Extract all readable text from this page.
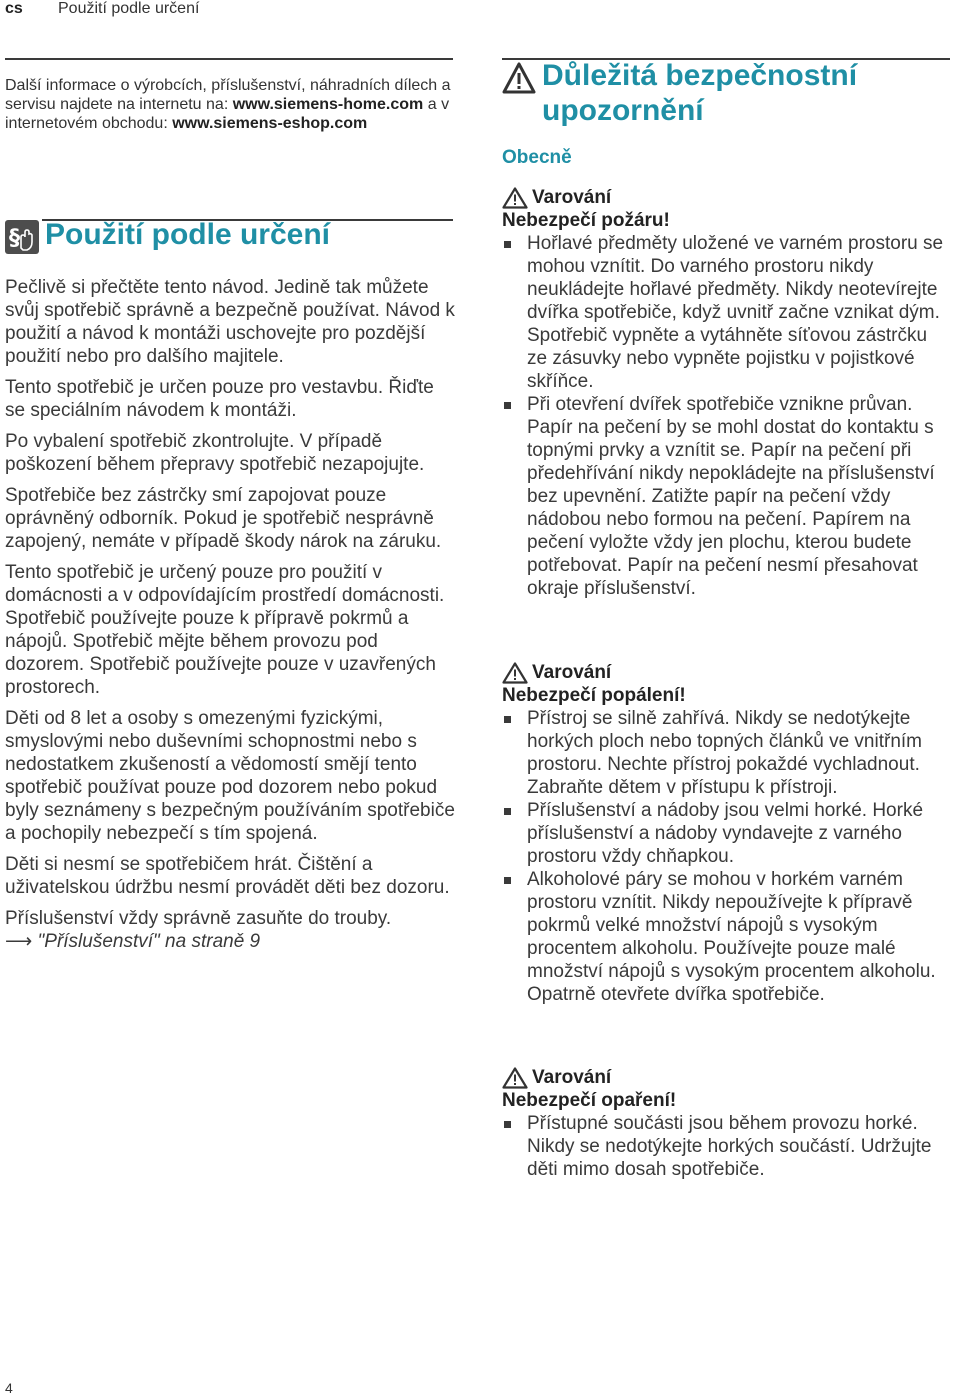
cs Použití podle určení
Další informace o výrobcích, příslušenství, náhradních dílech a servisu najdete na internetu na: www.siemens-home.com a v internetovém obchodu: www.siemens-eshop.com
§ Použití podle určení

Pečlivě si přečtěte tento návod. Jedině tak můžete svůj spotřebič správně a bezpečně používat. Návod k použití a návod k montáži uschovejte pro pozdější použití nebo pro dalšího majitele.

Tento spotřebič je určen pouze pro vestavbu. Řiďte se speciálním návodem k montáži.

Po vybalení spotřebič zkontrolujte. V případě poškození během přepravy spotřebič nezapojujte.

Spotřebiče bez zástrčky smí zapojovat pouze oprávněný odborník. Pokud je spotřebič nesprávně zapojený, nemáte v případě škody nárok na záruku.

Tento spotřebič je určený pouze pro použití v domácnosti a v odpovídajícím prostředí domácnosti. Spotřebič používejte pouze k přípravě pokrmů a nápojů. Spotřebič mějte během provozu pod dozorem. Spotřebič používejte pouze v uzavřených prostorech.

Děti od 8 let a osoby s omezenými fyzickými, smyslovými nebo duševními schopnostmi nebo s nedostatkem zkušeností a vědomostí smějí tento spotřebič používat pouze pod dozorem nebo pokud byly seznámeny s bezpečným používáním spotřebiče a pochopily nebezpečí s tím spojená.

Děti si nesmí se spotřebičem hrát. Čištění a uživatelskou údržbu nesmí provádět děti bez dozoru.

Příslušenství vždy správně zasuňte do trouby.

⟶ "Příslušenství" na straně 9
Důležitá bezpečnostní upozornění
Obecně
Varování
Nebezpečí požáru!
Hořlavé předměty uložené ve varném prostoru se mohou vznítit. Do varného prostoru nikdy neukládejte hořlavé předměty. Nikdy neotevírejte dvířka spotřebiče, když uvnitř začne vznikat dým. Spotřebič vypněte a vytáhněte síťovou zástrčku ze zásuvky nebo vypněte pojistku v pojistkové skříňce.
Při otevření dvířek spotřebiče vznikne průvan. Papír na pečení by se mohl dostat do kontaktu s topnými prvky a vznítit se. Papír na pečení při předehřívání nikdy nepokládejte na příslušenství bez upevnění. Zatižte papír na pečení vždy nádobou nebo formou na pečení. Papírem na pečení vyložte vždy jen plochu, kterou budete potřebovat. Papír na pečení nesmí přesahovat okraje příslušenství.
Varování
Nebezpečí popálení!
Přístroj se silně zahřívá. Nikdy se nedotýkejte horkých ploch nebo topných článků ve vnitřním prostoru. Nechte přístroj pokaždé vychladnout. Zabraňte dětem v přístupu k přístroji.
Příslušenství a nádoby jsou velmi horké. Horké příslušenství a nádoby vyndavejte z varného prostoru vždy chňapkou.
Alkoholové páry se mohou v horkém varném prostoru vznítit. Nikdy nepoužívejte k přípravě pokrmů velké množství nápojů s vysokým procentem alkoholu. Používejte pouze malé množství nápojů s vysokým procentem alkoholu. Opatrně otevřete dvířka spotřebiče.
Varování
Nebezpečí opaření!
Přístupné součásti jsou během provozu horké. Nikdy se nedotýkejte horkých součástí. Udržujte děti mimo dosah spotřebiče.
4
